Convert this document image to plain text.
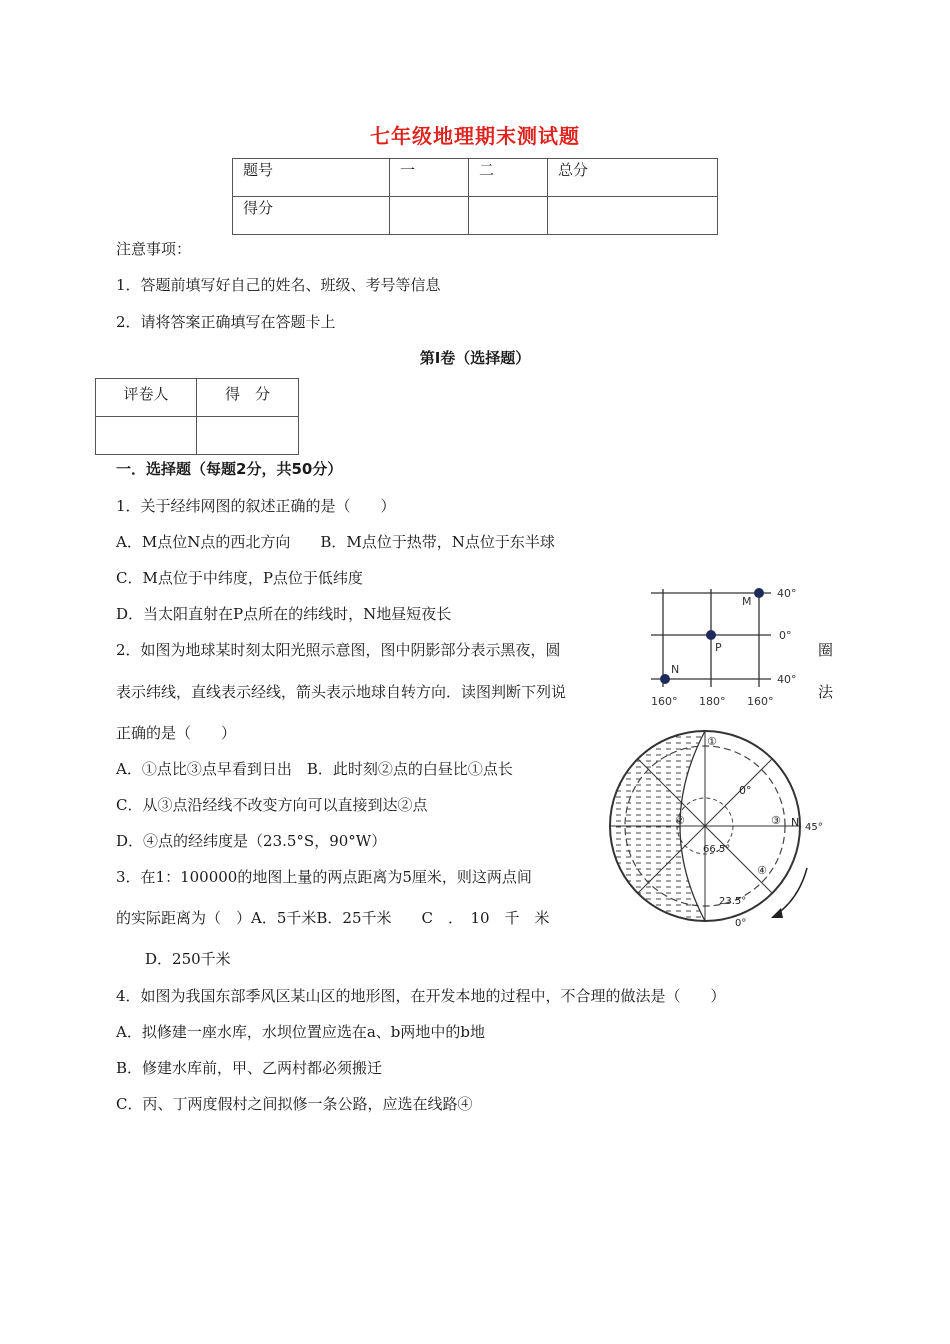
七年级地理期末测试题
题号	一	二	总分
得分			
注意事项：
1．答题前填写好自己的姓名、班级、考号等信息
2．请将答案正确填写在答题卡上
第Ⅰ卷（选择题）
评卷人	得　分

一．选择题（每题2分，共50分）
1．关于经纬网图的叙述正确的是（　　）
A．M点位N点的西北方向　　B．M点位于热带，N点位于东半球
C．M点位于中纬度，P点位于低纬度
D．当太阳直射在P点所在的纬线时，N地昼短夜长
2．如图为地球某时刻太阳光照示意图，图中阴影部分表示黑夜，圆	圈
表示纬线，直线表示经线，箭头表示地球自转方向．读图判断下列说	法
正确的是（　　）
A．①点比③点早看到日出　B．此时刻②点的白昼比①点长
C．从③点沿经线不改变方向可以直接到达②点
D．④点的经纬度是（23.5°S，90°W）
3．在1：100000的地图上量的两点距离为5厘米，则这两点间
的实际距离为（　）A．5千米B．25千米　　C　．　10　千　米
D．250千米
4．如图为我国东部季风区某山区的地形图，在开发本地的过程中，不合理的做法是（　　）
A．拟修建一座水库，水坝位置应选在a、b两地中的b地
B．修建水库前，甲、乙两村都必须搬迁
C．丙、丁两度假村之间拟修一条公路，应选在线路④
M
P
N
40°
0°
40°
160° 180° 160°
①
②	③
④
0°
66.5°
23.5°
0°
N 45°
